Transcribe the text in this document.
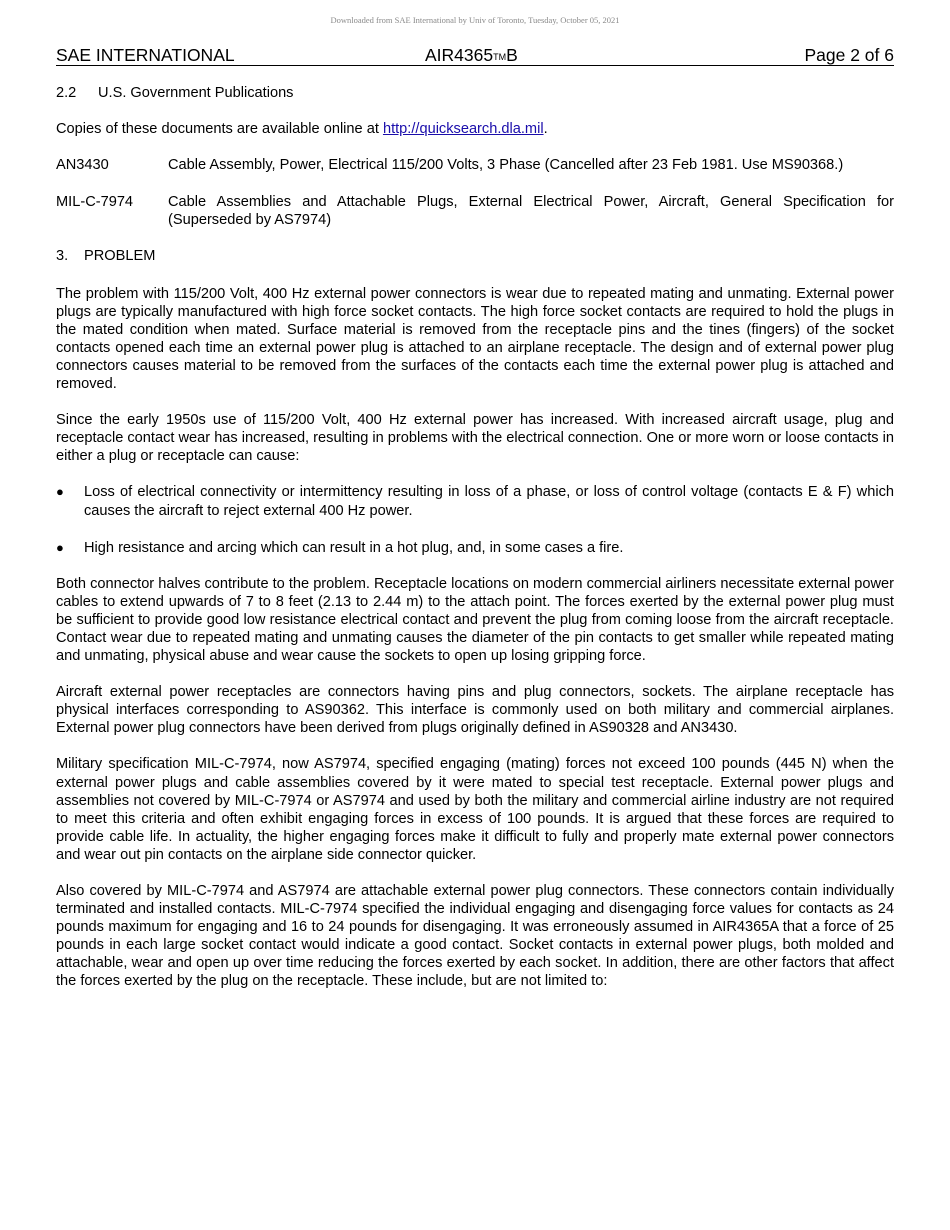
Downloaded from SAE International by Univ of Toronto, Tuesday, October 05, 2021
SAE INTERNATIONAL	AIR4365™B	Page 2 of 6
2.2	U.S. Government Publications

Copies of these documents are available online at http://quicksearch.dla.mil.

AN3430	Cable Assembly, Power, Electrical 115/200 Volts, 3 Phase (Cancelled after 23 Feb 1981. Use MS90368.)
MIL-C-7974	Cable Assemblies and Attachable Plugs, External Electrical Power, Aircraft, General Specification for (Superseded by AS7974)
3.	PROBLEM

The problem with 115/200 Volt, 400 Hz external power connectors is wear due to repeated mating and unmating. External power plugs are typically manufactured with high force socket contacts. The high force socket contacts are required to hold the plugs in the mated condition when mated. Surface material is removed from the receptacle pins and the tines (fingers) of the socket contacts opened each time an external power plug is attached to an airplane receptacle. The design and of external power plug connectors causes material to be removed from the surfaces of the contacts each time the external power plug is attached and removed.

Since the early 1950s use of 115/200 Volt, 400 Hz external power has increased. With increased aircraft usage, plug and receptacle contact wear has increased, resulting in problems with the electrical connection. One or more worn or loose contacts in either a plug or receptacle can cause:

●	Loss of electrical connectivity or intermittency resulting in loss of a phase, or loss of control voltage (contacts E & F) which causes the aircraft to reject external 400 Hz power.
●	High resistance and arcing which can result in a hot plug, and, in some cases a fire.

Both connector halves contribute to the problem. Receptacle locations on modern commercial airliners necessitate external power cables to extend upwards of 7 to 8 feet (2.13 to 2.44 m) to the attach point. The forces exerted by the external power plug must be sufficient to provide good low resistance electrical contact and prevent the plug from coming loose from the aircraft receptacle. Contact wear due to repeated mating and unmating causes the diameter of the pin contacts to get smaller while repeated mating and unmating, physical abuse and wear cause the sockets to open up losing gripping force.

Aircraft external power receptacles are connectors having pins and plug connectors, sockets. The airplane receptacle has physical interfaces corresponding to AS90362. This interface is commonly used on both military and commercial airplanes. External power plug connectors have been derived from plugs originally defined in AS90328 and AN3430.

Military specification MIL-C-7974, now AS7974, specified engaging (mating) forces not exceed 100 pounds (445 N) when the external power plugs and cable assemblies covered by it were mated to special test receptacle. External power plugs and assemblies not covered by MIL-C-7974 or AS7974 and used by both the military and commercial airline industry are not required to meet this criteria and often exhibit engaging forces in excess of 100 pounds. It is argued that these forces are required to provide cable life. In actuality, the higher engaging forces make it difficult to fully and properly mate external power connectors and wear out pin contacts on the airplane side connector quicker.

Also covered by MIL-C-7974 and AS7974 are attachable external power plug connectors. These connectors contain individually terminated and installed contacts. MIL-C-7974 specified the individual engaging and disengaging force values for contacts as 24 pounds maximum for engaging and 16 to 24 pounds for disengaging. It was erroneously assumed in AIR4365A that a force of 25 pounds in each large socket contact would indicate a good contact. Socket contacts in external power plugs, both molded and attachable, wear and open up over time reducing the forces exerted by each socket. In addition, there are other factors that affect the forces exerted by the plug on the receptacle. These include, but are not limited to:
